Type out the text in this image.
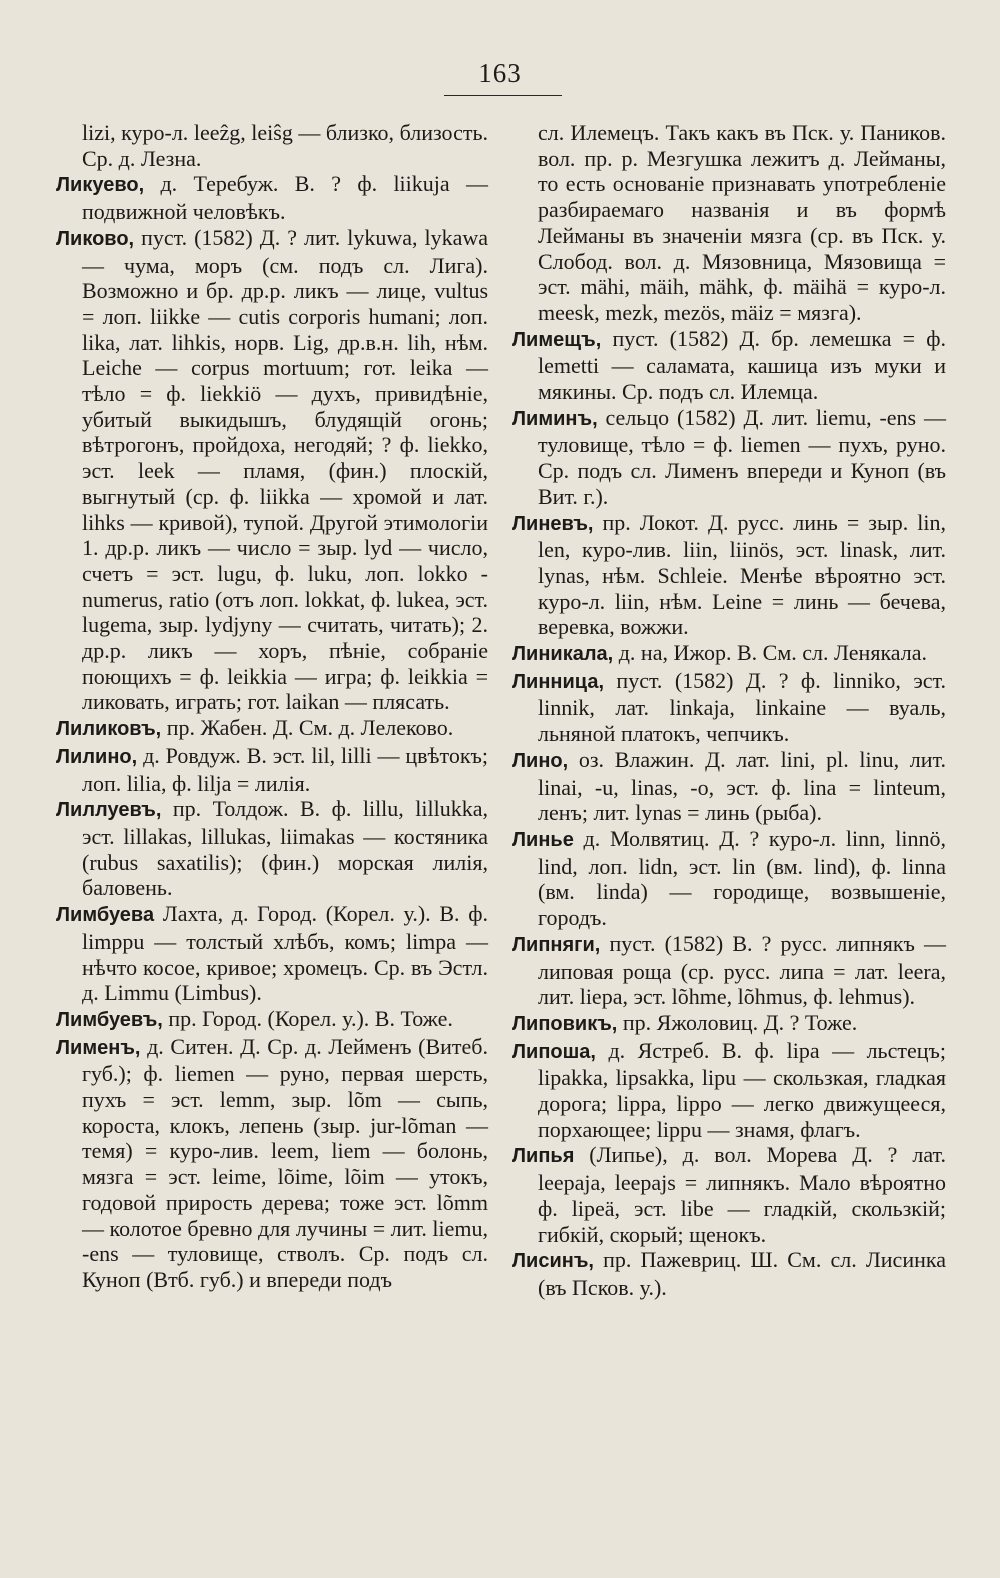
163

lizi, куро-л. leeẑg, leiŝg — близко, близость. Ср. д. Лезна.

Ликуево, д. Теребуж. В. ? ф. liikuja — подвижной человѣкъ.

Ликово, пуст. (1582) Д. ? лит. lykuwa, lykawa — чума, моръ (см. подъ сл. Лига). Возможно и бр. др.р. ликъ — лице, vultus = лоп. liikke — cutis corporis humani; лоп. lika, лат. lihkis, норв. Lig, др.в.н. lih, нѣм. Leiche — corpus mortuum; гот. leika — тѣло = ф. liekkiö — духъ, привидѣніе, убитый выкидышъ, блудящій огонь; вѣтрогонъ, пройдоха, негодяй; ? ф. liekko, эст. leek — пламя, (фин.) плоскій, выгнутый (ср. ф. liikka — хромой и лат. lihks — кривой), тупой. Другой этимологіи 1. др.р. ликъ — число = зыр. lyd — число, счетъ = эст. lugu, ф. luku, лоп. lokko - numerus, ratio (отъ лоп. lokkat, ф. lukea, эст. lugema, зыр. lydjyny — считать, читать); 2. др.р. ликъ — хоръ, пѣніе, собраніе поющихъ = ф. leikkia — игра; ф. leikkia = ликовать, играть; гот. laikan — плясать.

Лиликовъ, пр. Жабен. Д. См. д. Лелеково.

Лилино, д. Ровдуж. В. эст. lil, lilli — цвѣтокъ; лоп. lilia, ф. lilja = лилія.

Лиллуевъ, пр. Толдож. В. ф. lillu, lillukka, эст. lillakas, lillukas, liimakas — костяника (rubus saxatilis); (фин.) морская лилія, баловень.

Лимбуева Лахта, д. Город. (Корел. у.). В. ф. limppu — толстый хлѣбъ, комъ; limpa — нѣчто косое, кривое; хромецъ. Ср. въ Эстл. д. Limmu (Limbus).

Лимбуевъ, пр. Город. (Корел. у.). В. Тоже.

Лименъ, д. Ситен. Д. Ср. д. Лейменъ (Витеб. губ.); ф. liemen — руно, первая шерсть, пухъ = эст. lemm, зыр. lõm — сыпь, короста, клокъ, лепень (зыр. jur-lõman — темя) = куро-лив. leem, liem — болонь, мязга = эст. leime, lõime, lõim — утокъ, годовой прирость дерева; тоже эст. lõmm — колотое бревно для лучины = лит. liemu, -ens — туловище, стволъ. Ср. подъ сл. Куноп (Втб. губ.) и впереди подъ

сл. Илемецъ. Такъ какъ въ Пск. у. Паников. вол. пр. р. Мезгушка лежитъ д. Лейманы, то есть основаніе признавать употребленіе разбираемаго названія и въ формѣ Лейманы въ значеніи мязга (ср. въ Пск. у. Слобод. вол. д. Мязовница, Мязовища = эст. mähi, mäih, mähk, ф. mäihä = куро-л. meesk, mezk, mezös, mäiz = мязга).

Лимещъ, пуст. (1582) Д. бр. лемешка = ф. lemetti — саламата, кашица изъ муки и мякины. Ср. подъ сл. Илемца.

Лиминъ, сельцо (1582) Д. лит. liemu, -ens — туловище, тѣло = ф. liemen — пухъ, руно. Ср. подъ сл. Лименъ впереди и Куноп (въ Вит. г.).

Линевъ, пр. Локот. Д. русс. линь = зыр. lin, len, куро-лив. liin, liinös, эст. linask, лит. lynas, нѣм. Schleie. Менѣе вѣроятно эст. куро-л. liin, нѣм. Leine = линь — бечева, веревка, вожжи.

Линикала, д. на, Ижор. В. См. сл. Ленякала.

Линница, пуст. (1582) Д. ? ф. linniko, эст. linnik, лат. linkaja, linkaine — вуаль, льняной платокъ, чепчикъ.

Лино, оз. Влажин. Д. лат. lini, pl. linu, лит. linai, -u, linas, -o, эст. ф. lina = linteum, ленъ; лит. lynas = линь (рыба).

Линье д. Молвятиц. Д. ? куро-л. linn, linnö, lind, лоп. lidn, эст. lin (вм. lind), ф. linna (вм. linda) — городище, возвышеніе, городъ.

Липняги, пуст. (1582) В. ? русс. липнякъ — липовая роща (ср. русс. липа = лат. leera, лит. liepa, эст. lõhme, lõhmus, ф. lehmus).

Липовикъ, пр. Яжоловиц. Д. ? Тоже.

Липоша, д. Ястреб. В. ф. lipa — льстецъ; lipakka, lipsakka, lipu — скользкая, гладкая дорога; lippa, lippo — легко движущееся, порхающее; lippu — знамя, флагъ.

Липья (Липье), д. вол. Морева Д. ? лат. leepaja, leepajs = липнякъ. Мало вѣроятно ф. lipeä, эст. libe — гладкій, скользкій; гибкій, скорый; щенокъ.

Лисинъ, пр. Пажевриц. Ш. См. сл. Лисинка (въ Псков. у.).
